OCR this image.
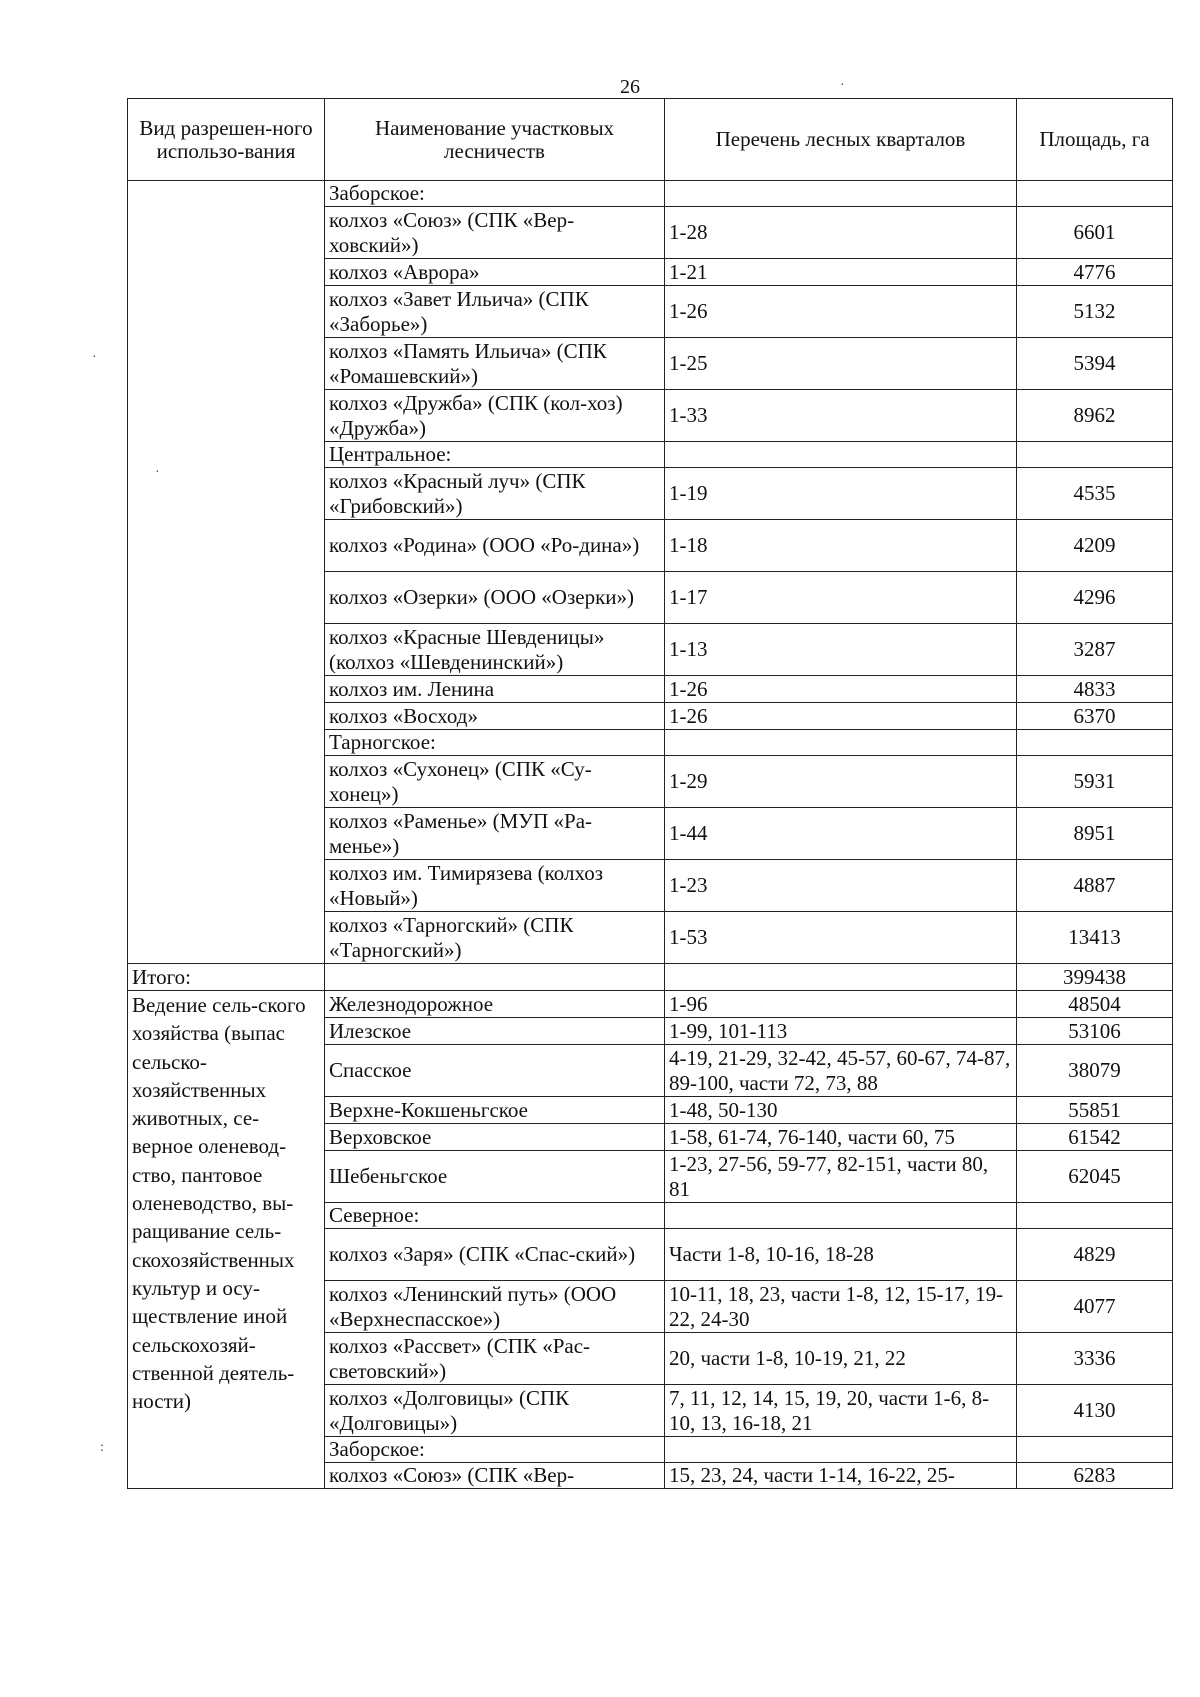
26
·
·
:
·
Вид разрешен-ного использо-вания	Наименование участковых лесничеств	Перечень лесных кварталов	Площадь, га
	Заборское:		
	колхоз «Союз» (СПК «Вер-ховский»)	1-28	6601
	колхоз «Аврора»	1-21	4776
	колхоз «Завет Ильича» (СПК «Заборье»)	1-26	5132
	колхоз «Память Ильича» (СПК «Ромашевский»)	1-25	5394
	колхоз «Дружба» (СПК (кол-хоз) «Дружба»)	1-33	8962
	Центральное:		
	колхоз «Красный луч» (СПК «Грибовский»)	1-19	4535
	колхоз «Родина» (ООО «Ро-дина»)	1-18	4209
	колхоз «Озерки» (ООО «Озерки»)	1-17	4296
	колхоз «Красные Шевденицы» (колхоз «Шевденинский»)	1-13	3287
	колхоз им. Ленина	1-26	4833
	колхоз «Восход»	1-26	6370
	Тарногское:		
	колхоз «Сухонец» (СПК «Су-хонец»)	1-29	5931
	колхоз «Раменье» (МУП «Ра-менье»)	1-44	8951
	колхоз им. Тимирязева (колхоз «Новый»)	1-23	4887
	колхоз «Тарногский» (СПК «Тарногский»)	1-53	13413
Итого:			399438
Ведение сель-ского хозяйства (выпас сельско-хозяйственных животных, се-верное оленевод-ство, пантовое оленеводство, вы-ращивание сель-скохозяйственных культур и осу-ществление иной сельскохозяй-ственной деятель-ности)	Железнодорожное	1-96	48504
	Илезское	1-99, 101-113	53106
	Спасское	4-19, 21-29, 32-42, 45-57, 60-67, 74-87, 89-100, части 72, 73, 88	38079
	Верхне-Кокшеньгское	1-48, 50-130	55851
	Верховское	1-58, 61-74, 76-140, части 60, 75	61542
	Шебеньгское	1-23, 27-56, 59-77, 82-151, части 80, 81	62045
	Северное:		
	колхоз «Заря» (СПК «Спас-ский»)	Части 1-8, 10-16, 18-28	4829
	колхоз «Ленинский путь» (ООО «Верхнеспасское»)	10-11, 18, 23, части 1-8, 12, 15-17, 19-22, 24-30	4077
	колхоз «Рассвет» (СПК «Рас-световский»)	20, части 1-8, 10-19, 21, 22	3336
	колхоз «Долговицы» (СПК «Долговицы»)	7, 11, 12, 14, 15, 19, 20, части 1-6, 8-10, 13, 16-18, 21	4130
	Заборское:		
	колхоз «Союз» (СПК «Вер-	15, 23, 24, части 1-14, 16-22, 25-	6283
